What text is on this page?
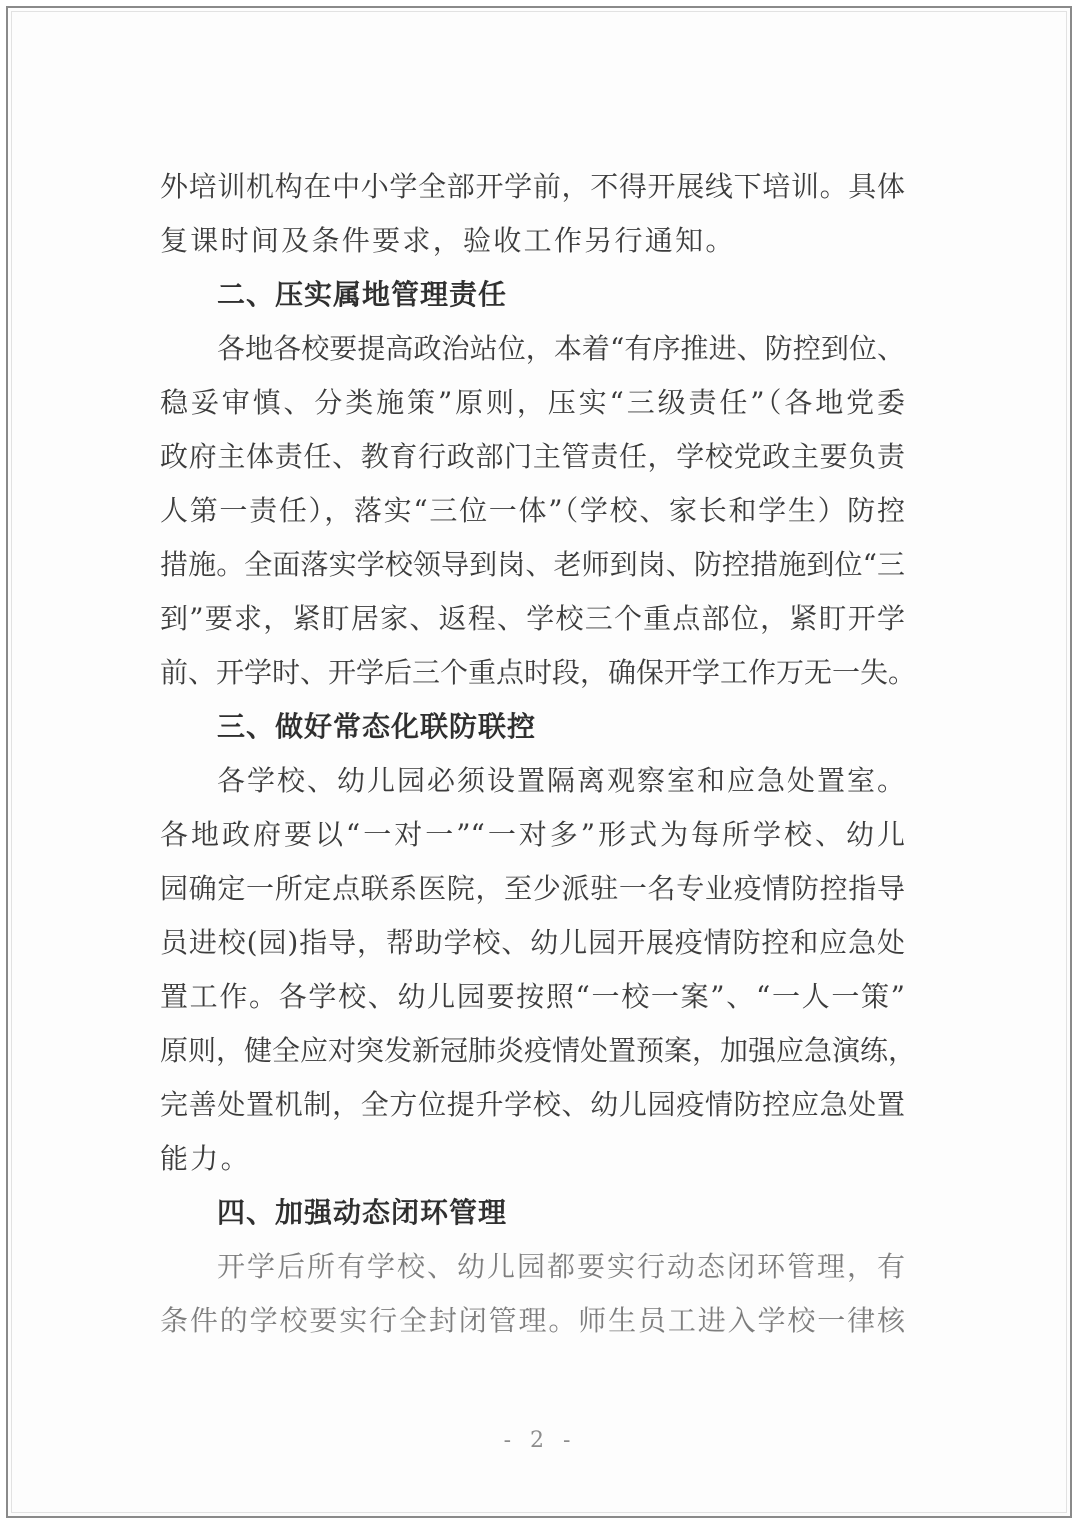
外培训机构在中小学全部开学前，不得开展线下培训。具体
复课时间及条件要求，验收工作另行通知。
二、压实属地管理责任
各地各校要提高政治站位，本着“有序推进、防控到位、
稳妥审慎、分类施策”原则，压实“三级责任”（各地党委
政府主体责任、教育行政部门主管责任，学校党政主要负责
人第一责任），落实“三位一体”（学校、家长和学生）防控
措施。全面落实学校领导到岗、老师到岗、防控措施到位“三
到”要求，紧盯居家、返程、学校三个重点部位，紧盯开学
前、开学时、开学后三个重点时段，确保开学工作万无一失。
三、做好常态化联防联控
各学校、幼儿园必须设置隔离观察室和应急处置室。
各地政府要以“一对一”“一对多”形式为每所学校、幼儿
园确定一所定点联系医院，至少派驻一名专业疫情防控指导
员进校(园)指导，帮助学校、幼儿园开展疫情防控和应急处
置工作。各学校、幼儿园要按照“一校一案”、“一人一策”
原则，健全应对突发新冠肺炎疫情处置预案，加强应急演练，
完善处置机制，全方位提升学校、幼儿园疫情防控应急处置
能力。
四、加强动态闭环管理
开学后所有学校、幼儿园都要实行动态闭环管理，有
条件的学校要实行全封闭管理。师生员工进入学校一律核
- 2 -
